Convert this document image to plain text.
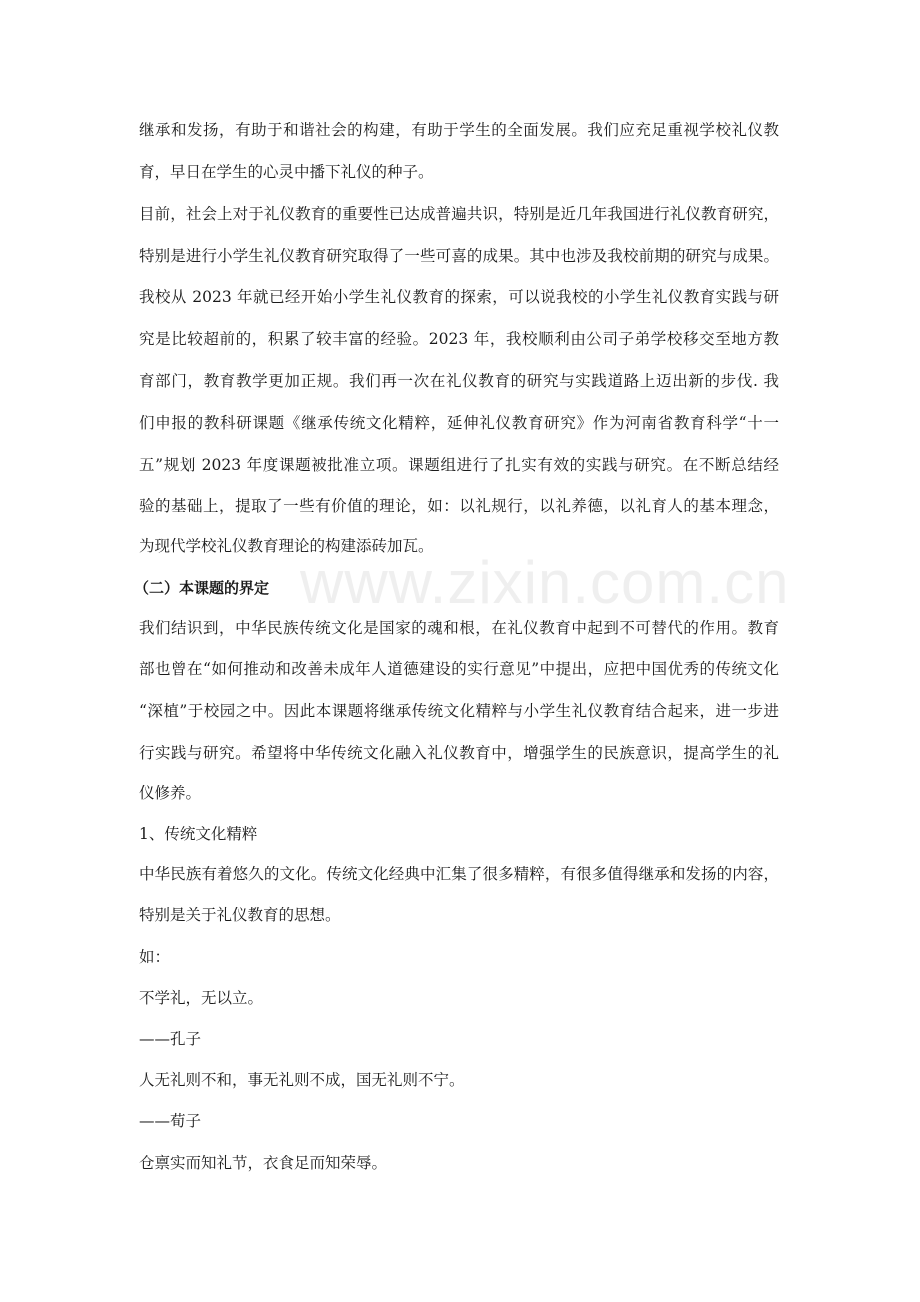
www.zixin.com.cn
继承和发扬，有助于和谐社会的构建，有助于学生的全面发展。我们应充足重视学校礼仪教
育，早日在学生的心灵中播下礼仪的种子。
目前，社会上对于礼仪教育的重要性已达成普遍共识，特别是近几年我国进行礼仪教育研究，
特别是进行小学生礼仪教育研究取得了一些可喜的成果。其中也涉及我校前期的研究与成果。
我校从 2023 年就已经开始小学生礼仪教育的探索，可以说我校的小学生礼仪教育实践与研
究是比较超前的，积累了较丰富的经验。2023 年，我校顺利由公司子弟学校移交至地方教
育部门，教育教学更加正规。我们再一次在礼仪教育的研究与实践道路上迈出新的步伐. 我
们申报的教科研课题《继承传统文化精粹，延伸礼仪教育研究》作为河南省教育科学“十一
五”规划 2023 年度课题被批准立项。课题组进行了扎实有效的实践与研究。在不断总结经
验的基础上，提取了一些有价值的理论，如：以礼规行，以礼养德，以礼育人的基本理念，
为现代学校礼仪教育理论的构建添砖加瓦。
（二）本课题的界定
我们结识到，中华民族传统文化是国家的魂和根，在礼仪教育中起到不可替代的作用。教育
部也曾在“如何推动和改善未成年人道德建设的实行意见”中提出，应把中国优秀的传统文化
“深植”于校园之中。因此本课题将继承传统文化精粹与小学生礼仪教育结合起来，进一步进
行实践与研究。希望将中华传统文化融入礼仪教育中，增强学生的民族意识，提高学生的礼
仪修养。
1、传统文化精粹
中华民族有着悠久的文化。传统文化经典中汇集了很多精粹，有很多值得继承和发扬的内容，
特别是关于礼仪教育的思想。
如：
不学礼，无以立。
——孔子
人无礼则不和，事无礼则不成，国无礼则不宁。
——荀子
仓禀实而知礼节，衣食足而知荣辱。
